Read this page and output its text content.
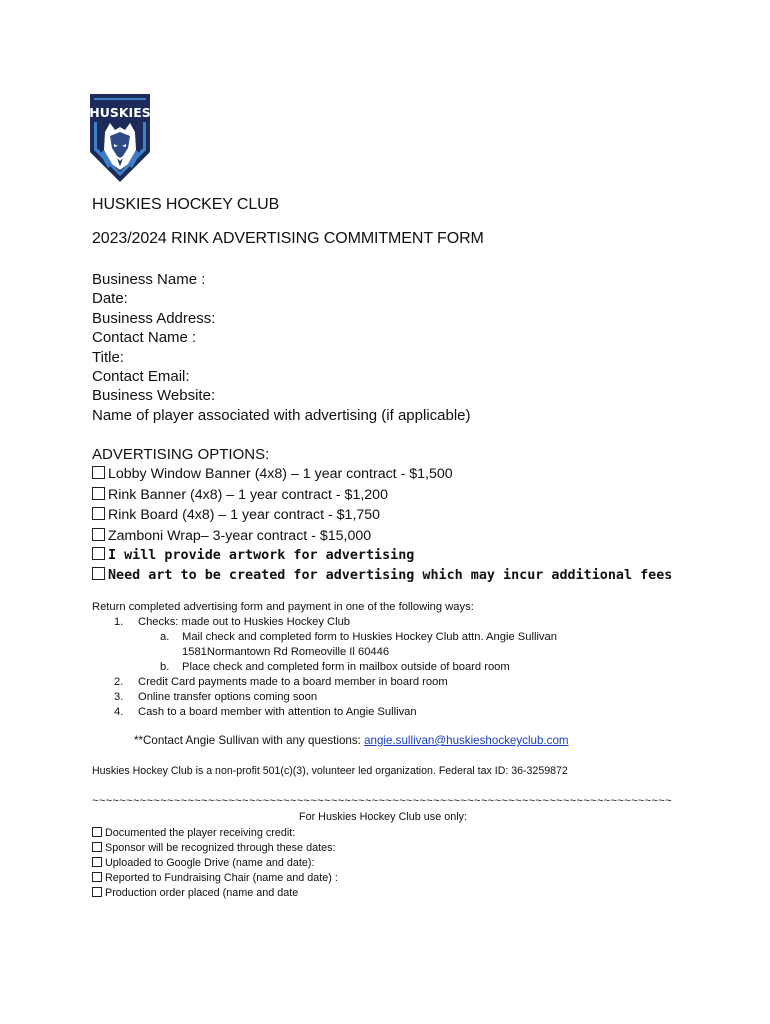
HUSKIES
HUSKIES HOCKEY CLUB
2023/2024 RINK ADVERTISING COMMITMENT FORM
Business Name :
Date:
Business Address:
Contact Name :
Title:
Contact Email:
Business Website:
Name of player associated with advertising (if applicable)
ADVERTISING OPTIONS:
Lobby Window Banner (4x8) – 1 year contract - $1,500
Rink Banner (4x8) – 1 year contract - $1,200
Rink Board (4x8) – 1 year contract - $1,750
Zamboni Wrap– 3-year contract - $15,000
I will provide artwork for advertising
Need art to be created for advertising which may incur additional fees
Return completed advertising form and payment in one of the following ways:
1. Checks: made out to Huskies Hockey Club
a. Mail check and completed form to Huskies Hockey Club attn. Angie Sullivan
1581Normantown Rd Romeoville Il 60446
b. Place check and completed form in mailbox outside of board room
2. Credit Card payments made to a board member in board room
3. Online transfer options coming soon
4. Cash to a board member with attention to Angie Sullivan
**Contact Angie Sullivan with any questions: angie.sullivan@huskieshockeyclub.com
Huskies Hockey Club is a non-profit 501(c)(3), volunteer led organization. Federal tax ID: 36-3259872
~~~~~~~~~~~~~~~~~~~~~~~~~~~~~~~~~~~~~~~~~~~~~~~~~~~~~~~~~~~~~~~~~~~~~~~~~~~~~~~~~~~~~
For Huskies Hockey Club use only:
Documented the player receiving credit:
Sponsor will be recognized through these dates:
Uploaded to Google Drive (name and date):
Reported to Fundraising Chair (name and date) :
Production order placed (name and date
